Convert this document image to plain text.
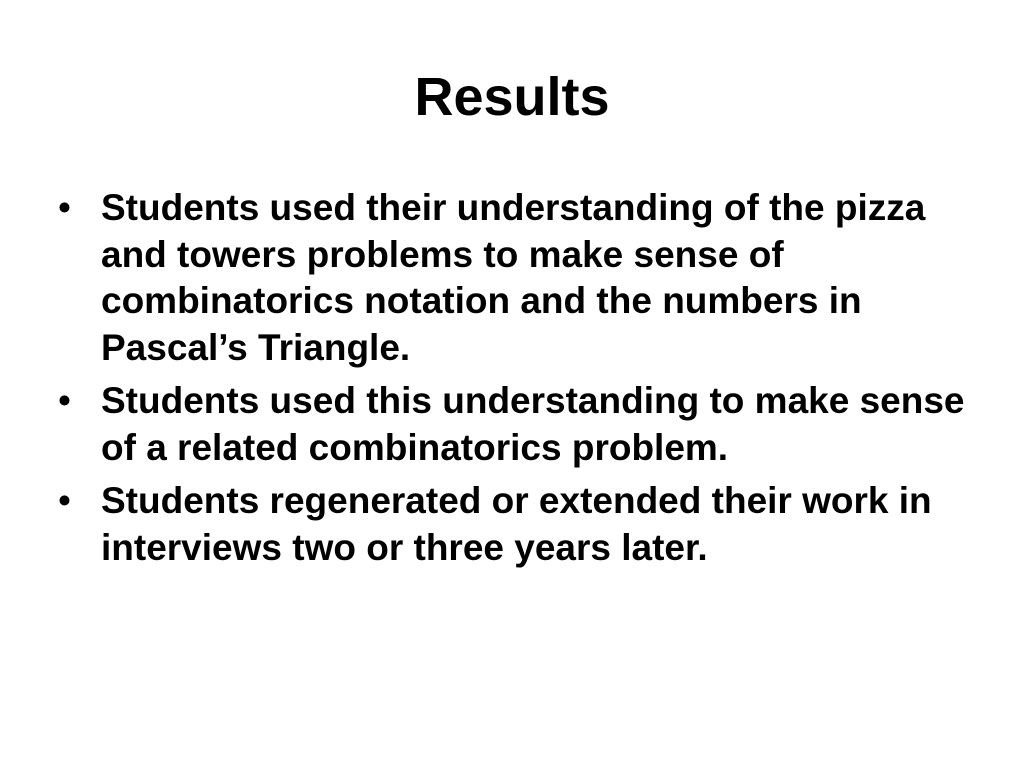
Results
• Students used their understanding of the pizza and towers problems to make sense of combinatorics notation and the numbers in Pascal’s Triangle.
• Students used this understanding to make sense of a related combinatorics problem.
• Students regenerated or extended their work in interviews two or three years later.
